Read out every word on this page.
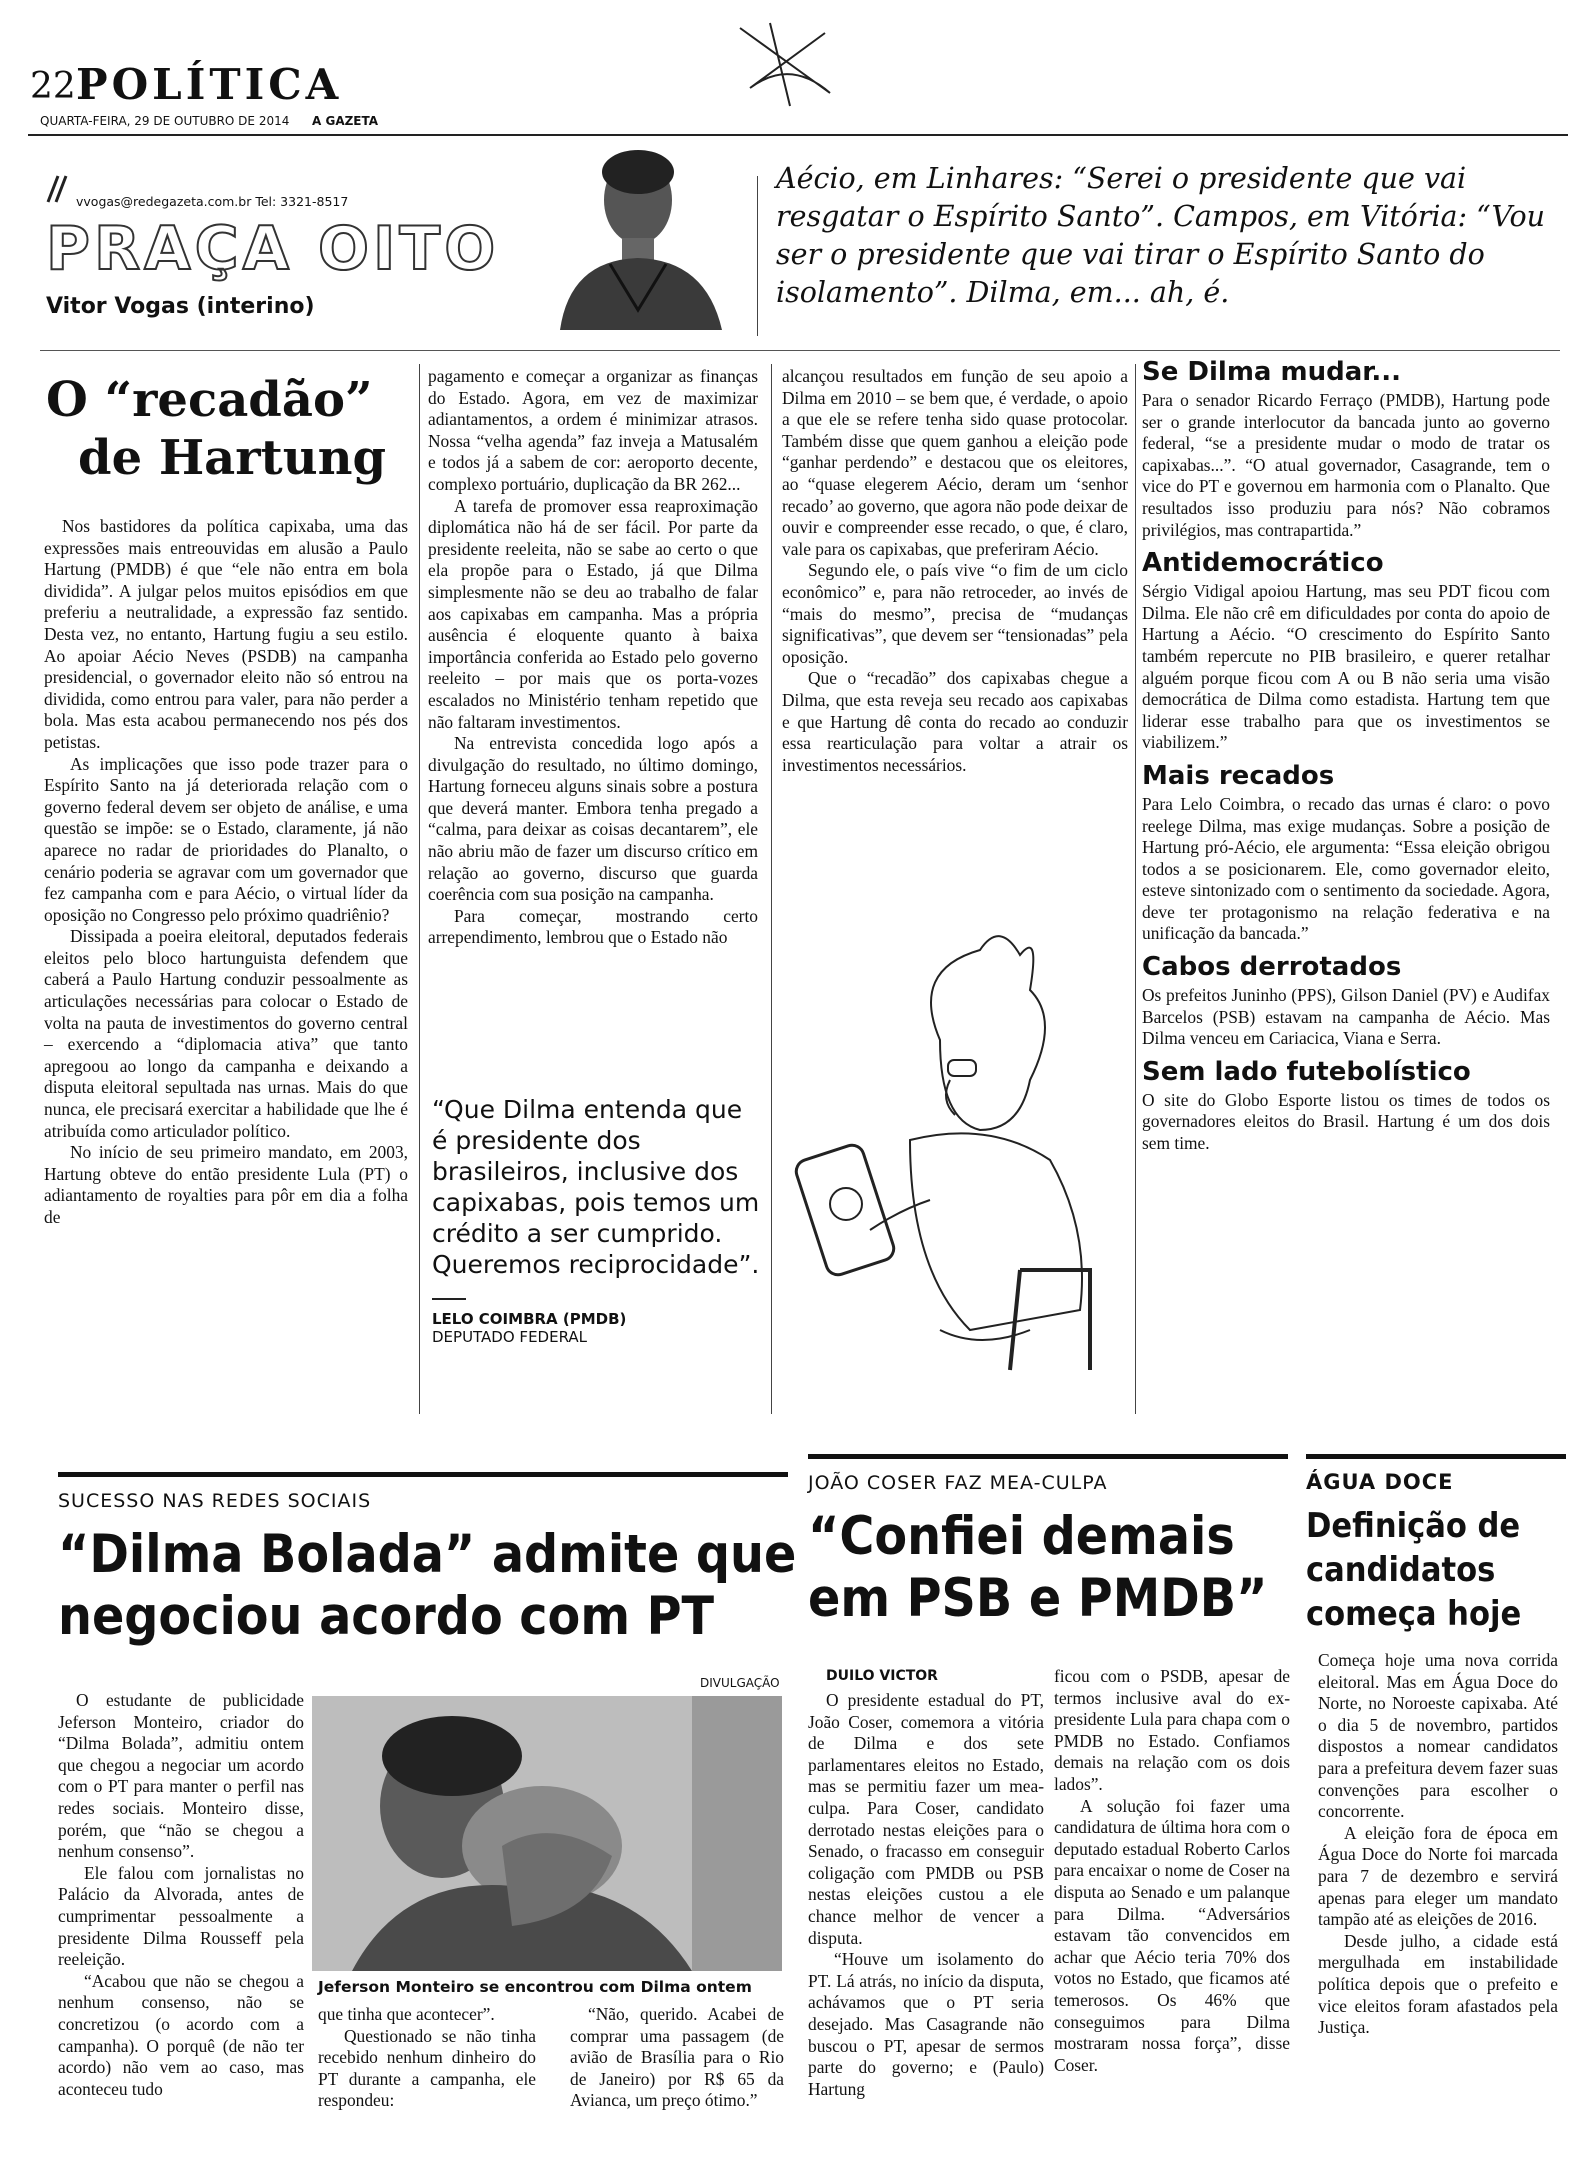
22 POLÍTICA
QUARTA-FEIRA, 29 DE OUTUBRO DE 2014 A GAZETA
vvogas@redegazeta.com.br Tel: 3321-8517
PRAÇA OITO
Vitor Vogas (interino)
Aécio, em Linhares: “Serei o presidente que vai resgatar o Espírito Santo”. Campos, em Vitória: “Vou ser o presidente que vai tirar o Espírito Santo do isolamento”. Dilma, em... ah, é.
O “recadão”
de Hartung

Nos bastidores da política capixaba, uma das expressões mais entreouvidas em alusão a Paulo Hartung (PMDB) é que “ele não entra em bola dividida”. A julgar pelos muitos episódios em que preferiu a neutralidade, a expressão faz sentido. Desta vez, no entanto, Hartung fugiu a seu estilo. Ao apoiar Aécio Neves (PSDB) na campanha presidencial, o governador eleito não só entrou na dividida, como entrou para valer, para não perder a bola. Mas esta acabou permanecendo nos pés dos petistas.

As implicações que isso pode trazer para o Espírito Santo na já deteriorada relação com o governo federal devem ser objeto de análise, e uma questão se impõe: se o Estado, claramente, já não aparece no radar de prioridades do Planalto, o cenário poderia se agravar com um governador que fez campanha com e para Aécio, o virtual líder da oposição no Congresso pelo próximo quadriênio?

Dissipada a poeira eleitoral, deputados federais eleitos pelo bloco hartunguista defendem que caberá a Paulo Hartung conduzir pessoalmente as articulações necessárias para colocar o Estado de volta na pauta de investimentos do governo central – exercendo a “diplomacia ativa” que tanto apregoou ao longo da campanha e deixando a disputa eleitoral sepultada nas urnas. Mais do que nunca, ele precisará exercitar a habilidade que lhe é atribuída como articulador político.

No início de seu primeiro mandato, em 2003, Hartung obteve do então presidente Lula (PT) o adiantamento de royalties para pôr em dia a folha de

pagamento e começar a organizar as finanças do Estado. Agora, em vez de maximizar adiantamentos, a ordem é minimizar atrasos. Nossa “velha agenda” faz inveja a Matusalém e todos já a sabem de cor: aeroporto decente, complexo portuário, duplicação da BR 262...

A tarefa de promover essa reaproximação diplomática não há de ser fácil. Por parte da presidente reeleita, não se sabe ao certo o que ela propõe para o Estado, já que Dilma simplesmente não se deu ao trabalho de falar aos capixabas em campanha. Mas a própria ausência é eloquente quanto à baixa importância conferida ao Estado pelo governo reeleito – por mais que os porta-vozes escalados no Ministério tenham repetido que não faltaram investimentos.

Na entrevista concedida logo após a divulgação do resultado, no último domingo, Hartung forneceu alguns sinais sobre a postura que deverá manter. Embora tenha pregado a “calma, para deixar as coisas decantarem”, ele não abriu mão de fazer um discurso crítico em relação ao governo, discurso que guarda coerência com sua posição na campanha.

Para começar, mostrando certo arrependimento, lembrou que o Estado não

“Que Dilma entenda que é presidente dos brasileiros, inclusive dos capixabas, pois temos um crédito a ser cumprido. Queremos reciprocidade”.
LELO COIMBRA (PMDB)
DEPUTADO FEDERAL

alcançou resultados em função de seu apoio a Dilma em 2010 – se bem que, é verdade, o apoio a que ele se refere tenha sido quase protocolar. Também disse que quem ganhou a eleição pode “ganhar perdendo” e destacou que os eleitores, ao “quase elegerem Aécio, deram um ‘senhor recado’ ao governo, que agora não pode deixar de ouvir e compreender esse recado, o que, é claro, vale para os capixabas, que preferiram Aécio.

Segundo ele, o país vive “o fim de um ciclo econômico” e, para não retroceder, ao invés de “mais do mesmo”, precisa de “mudanças significativas”, que devem ser “tensionadas” pela oposição.

Que o “recadão” dos capixabas chegue a Dilma, que esta reveja seu recado aos capixabas e que Hartung dê conta do recado ao conduzir essa rearticulação para voltar a atrair os investimentos necessários.

Se Dilma mudar...
Para o senador Ricardo Ferraço (PMDB), Hartung pode ser o grande interlocutor da bancada junto ao governo federal, “se a presidente mudar o modo de tratar os capixabas...”. “O atual governador, Casagrande, tem o vice do PT e governou em harmonia com o Planalto. Que resultados isso produziu para nós? Não cobramos privilégios, mas contrapartida.”
Antidemocrático
Sérgio Vidigal apoiou Hartung, mas seu PDT ficou com Dilma. Ele não crê em dificuldades por conta do apoio de Hartung a Aécio. “O crescimento do Espírito Santo também repercute no PIB brasileiro, e querer retalhar alguém porque ficou com A ou B não seria uma visão democrática de Dilma como estadista. Hartung tem que liderar esse trabalho para que os investimentos se viabilizem.”
Mais recados
Para Lelo Coimbra, o recado das urnas é claro: o povo reelege Dilma, mas exige mudanças. Sobre a posição de Hartung pró-Aécio, ele argumenta: “Essa eleição obrigou todos a se posicionarem. Ele, como governador eleito, esteve sintonizado com o sentimento da sociedade. Agora, deve ter protagonismo na relação federativa e na unificação da bancada.”
Cabos derrotados
Os prefeitos Juninho (PPS), Gilson Daniel (PV) e Audifax Barcelos (PSB) estavam na campanha de Aécio. Mas Dilma venceu em Cariacica, Viana e Serra.
Sem lado futebolístico
O site do Globo Esporte listou os times de todos os governadores eleitos do Brasil. Hartung é um dos dois sem time.
SUCESSO NAS REDES SOCIAIS
“Dilma Bolada” admite que negociou acordo com PT
DIVULGAÇÃO
Jeferson Monteiro se encontrou com Dilma ontem

O estudante de publicidade Jeferson Monteiro, criador do “Dilma Bolada”, admitiu ontem que chegou a negociar um acordo com o PT para manter o perfil nas redes sociais. Monteiro disse, porém, que “não se chegou a nenhum consenso”.

Ele falou com jornalistas no Palácio da Alvorada, antes de cumprimentar pessoalmente a presidente Dilma Rousseff pela reeleição.

“Acabou que não se chegou a nenhum consenso, não se concretizou (o acordo com a campanha). O porquê (de não ter acordo) não vem ao caso, mas aconteceu tudo

que tinha que acontecer”.

Questionado se não tinha recebido nenhum dinheiro do PT durante a campanha, ele respondeu:

“Não, querido. Acabei de comprar uma passagem (de avião de Brasília para o Rio de Janeiro) por R$ 65 da Avianca, um preço ótimo.”

JOÃO COSER FAZ MEA-CULPA
“Confiei demais em PSB e PMDB”
DUILO VICTOR

O presidente estadual do PT, João Coser, comemora a vitória de Dilma e dos sete parlamentares eleitos no Estado, mas se permitiu fazer um mea-culpa. Para Coser, candidato derrotado nestas eleições para o Senado, o fracasso em conseguir coligação com PMDB ou PSB nestas eleições custou a ele chance melhor de vencer a disputa.

“Houve um isolamento do PT. Lá atrás, no início da disputa, achávamos que o PT seria desejado. Mas Casagrande não buscou o PT, apesar de sermos parte do governo; e (Paulo) Hartung

ficou com o PSDB, apesar de termos inclusive aval do ex-presidente Lula para chapa com o PMDB no Estado. Confiamos demais na relação com os dois lados”.

A solução foi fazer uma candidatura de última hora com o deputado estadual Roberto Carlos para encaixar o nome de Coser na disputa ao Senado e um palanque para Dilma. “Adversários estavam tão convencidos em achar que Aécio teria 70% dos votos no Estado, que ficamos até temerosos. Os 46% que conseguimos para Dilma mostraram nossa força”, disse Coser.

ÁGUA DOCE
Definição de candidatos começa hoje

Começa hoje uma nova corrida eleitoral. Mas em Água Doce do Norte, no Noroeste capixaba. Até o dia 5 de novembro, partidos dispostos a nomear candidatos para a prefeitura devem fazer suas convenções para escolher o concorrente.

A eleição fora de época em Água Doce do Norte foi marcada para 7 de dezembro e servirá apenas para eleger um mandato tampão até as eleições de 2016.

Desde julho, a cidade está mergulhada em instabilidade política depois que o prefeito e vice eleitos foram afastados pela Justiça.
